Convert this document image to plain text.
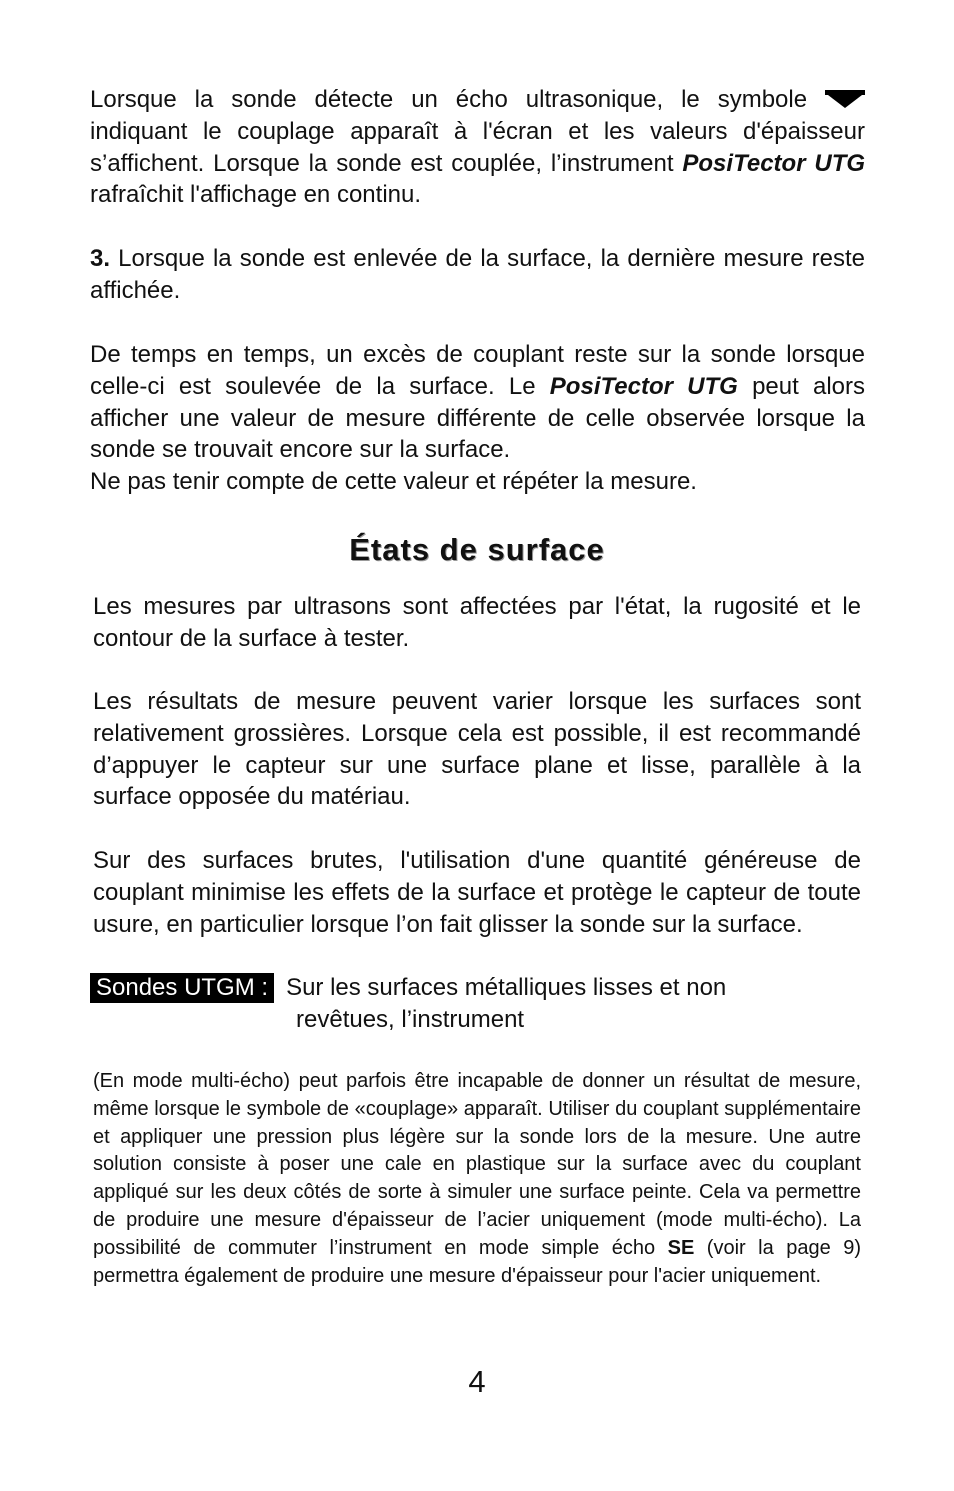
Lorsque la sonde détecte un écho ultrasonique, le symbole  indiquant le couplage apparaît à l'écran et les valeurs d'épaisseur s’affichent. Lorsque la sonde est couplée, l’instrument PosiTector UTG rafraîchit l'affichage en continu.

3. Lorsque la sonde est enlevée de la surface, la dernière mesure reste affichée.

De temps en temps, un excès de couplant reste sur la sonde lorsque celle-ci est soulevée de la surface. Le PosiTector UTG peut alors afficher une valeur de mesure différente de celle observée lorsque la sonde se trouvait encore sur la surface.

Ne pas tenir compte de cette valeur et répéter la mesure.

États de surface

Les mesures par ultrasons sont affectées par l'état, la rugosité et le contour de la surface à tester.

Les résultats de mesure peuvent varier lorsque les surfaces sont relativement grossières. Lorsque cela est possible, il est recommandé d’appuyer le capteur sur une surface plane et lisse, parallèle à la surface opposée du matériau.

Sur des surfaces brutes, l'utilisation d'une quantité généreuse de couplant minimise les effets de la surface et protège le capteur de toute usure, en particulier lorsque l’on fait glisser la sonde sur la surface.

Sondes UTGM : Sur les surfaces métalliques lisses et non
revêtues, l’instrument

(En mode multi-écho) peut parfois être incapable de donner un résultat de mesure, même lorsque le symbole de «couplage» apparaît. Utiliser du couplant supplémentaire et appliquer une pression plus légère sur la sonde lors de la mesure. Une autre solution consiste à poser une cale en plastique sur la surface avec du couplant appliqué sur les deux côtés de sorte à simuler une surface peinte. Cela va permettre de produire une mesure d'épaisseur de l’acier uniquement (mode multi-écho). La possibilité de commuter l’instrument en mode simple écho SE (voir la page 9) permettra également de produire une mesure d'épaisseur pour l'acier uniquement.

4
